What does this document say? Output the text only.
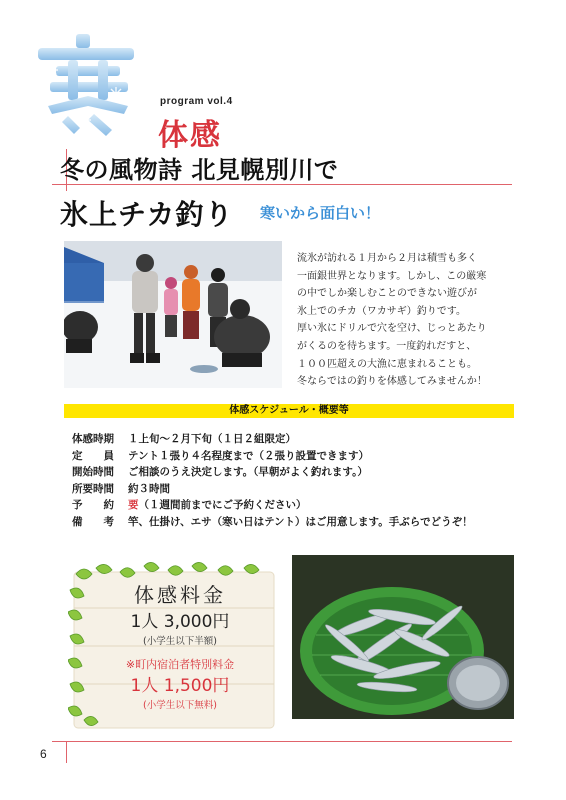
program vol.4
体感
冬の風物詩 北見幌別川で
氷上チカ釣り 寒いから面白い！
流氷が訪れる１月から２月は積雪も多く
一面銀世界となります。しかし、この厳寒
の中でしか楽しむことのできない遊びが
氷上でのチカ（ワカサギ）釣りです。
厚い氷にドリルで穴を空け、じっとあたり
がくるのを待ちます。一度釣れだすと、
１００匹超えの大漁に恵まれることも。
冬ならではの釣りを体感してみませんか！
体感スケジュール・概要等
体感時期 １上旬～２月下旬（１日２組限定）
定　　員 テント１張り４名程度まで（２張り設置できます）
開始時間 ご相談のうえ決定します。（早朝がよく釣れます。）
所要時間 約３時間
予　　約 要（１週間前までにご予約ください）
備　　考 竿、仕掛け、エサ（寒い日はテント）はご用意します。手ぶらでどうぞ！
体感料金
1人 3,000円
(小学生以下半額)
※町内宿泊者特別料金
1人 1,500円
(小学生以下無料)
6
